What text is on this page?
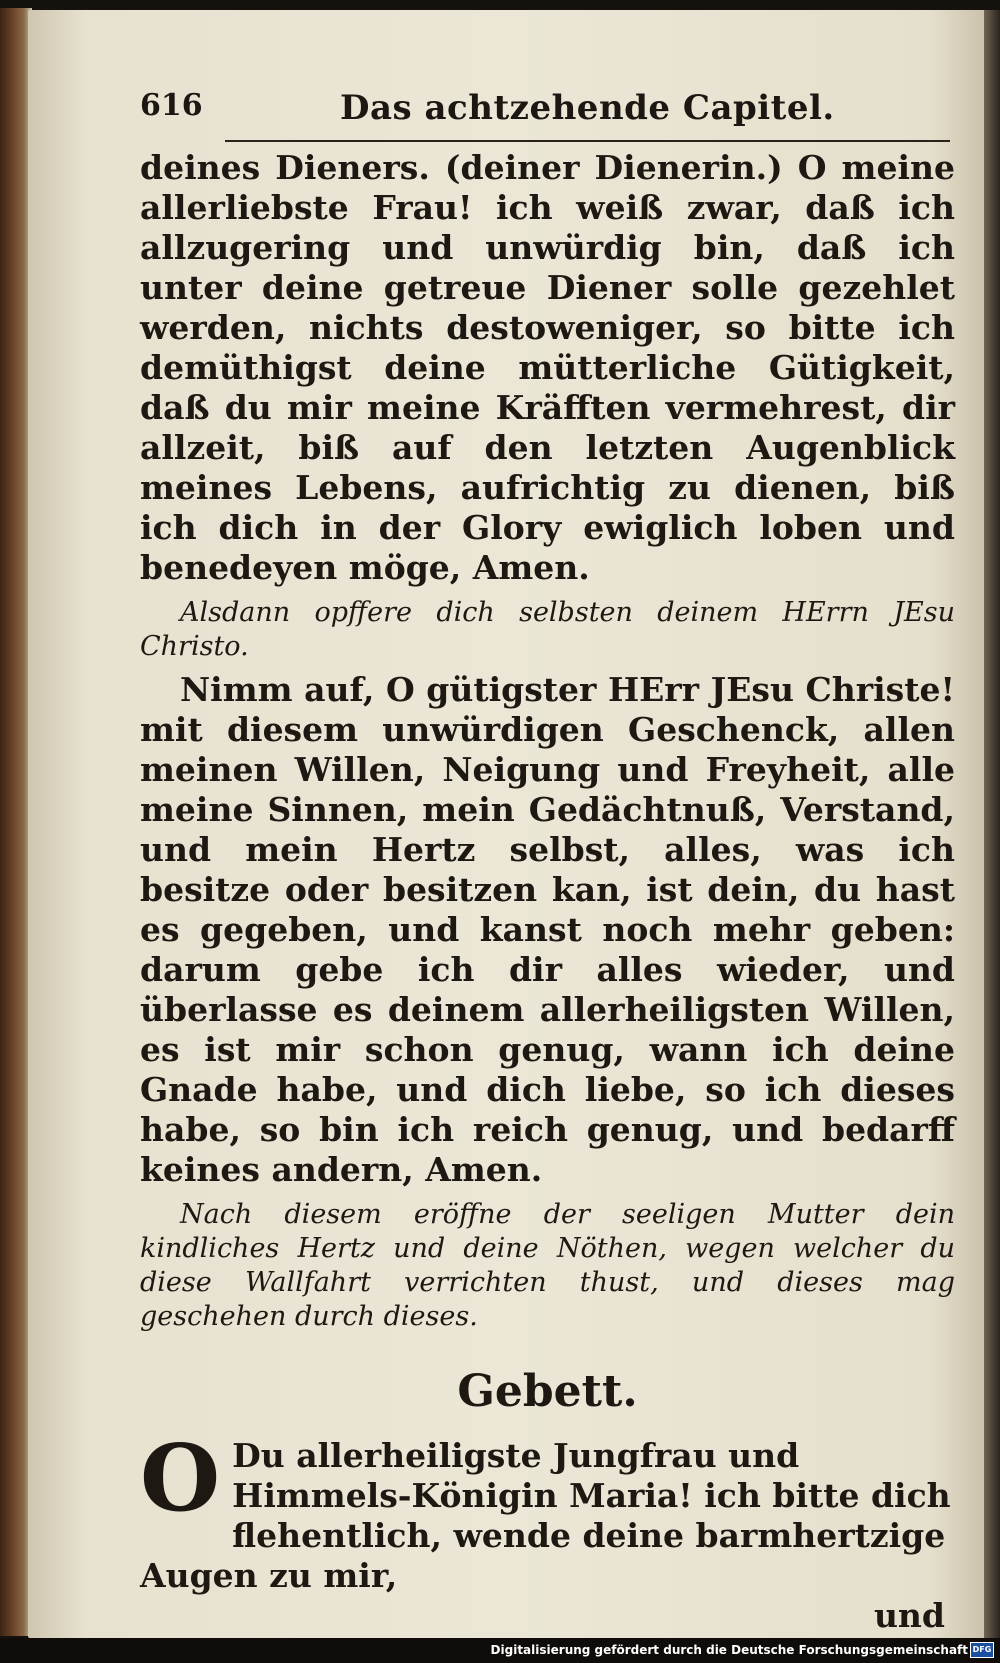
616	Das achtzehende Capitel.

deines Dieners. (deiner Dienerin.) O meine allerliebste Frau! ich weiß zwar, daß ich allzugering und unwürdig bin, daß ich unter deine getreue Diener solle gezehlet werden, nichts destoweniger, so bitte ich demüthigst deine mütterliche Gütigkeit, daß du mir meine Kräfften vermehrest, dir allzeit, biß auf den letzten Augenblick meines Lebens, aufrichtig zu dienen, biß ich dich in der Glory ewiglich loben und benedeyen möge, Amen.

Alsdann opffere dich selbsten deinem HErrn JEsu Christo.

Nimm auf, O gütigster HErr JEsu Christe! mit diesem unwürdigen Geschenck, allen meinen Willen, Neigung und Freyheit, alle meine Sinnen, mein Gedächtnuß, Verstand, und mein Hertz selbst, alles, was ich besitze oder besitzen kan, ist dein, du hast es gegeben, und kanst noch mehr geben: darum gebe ich dir alles wieder, und überlasse es deinem allerheiligsten Willen, es ist mir schon genug, wann ich deine Gnade habe, und dich liebe, so ich dieses habe, so bin ich reich genug, und bedarff keines andern, Amen.

Nach diesem eröffne der seeligen Mutter dein kindliches Hertz und deine Nöthen, wegen welcher du diese Wallfahrt verrichten thust, und dieses mag geschehen durch dieses.

Gebett.

O Du allerheiligste Jungfrau und Himmels-Königin Maria! ich bitte dich flehentlich, wende deine barmhertzige Augen zu mir,

und

Digitalisierung gefördert durch die Deutsche Forschungsgemeinschaft DFG
